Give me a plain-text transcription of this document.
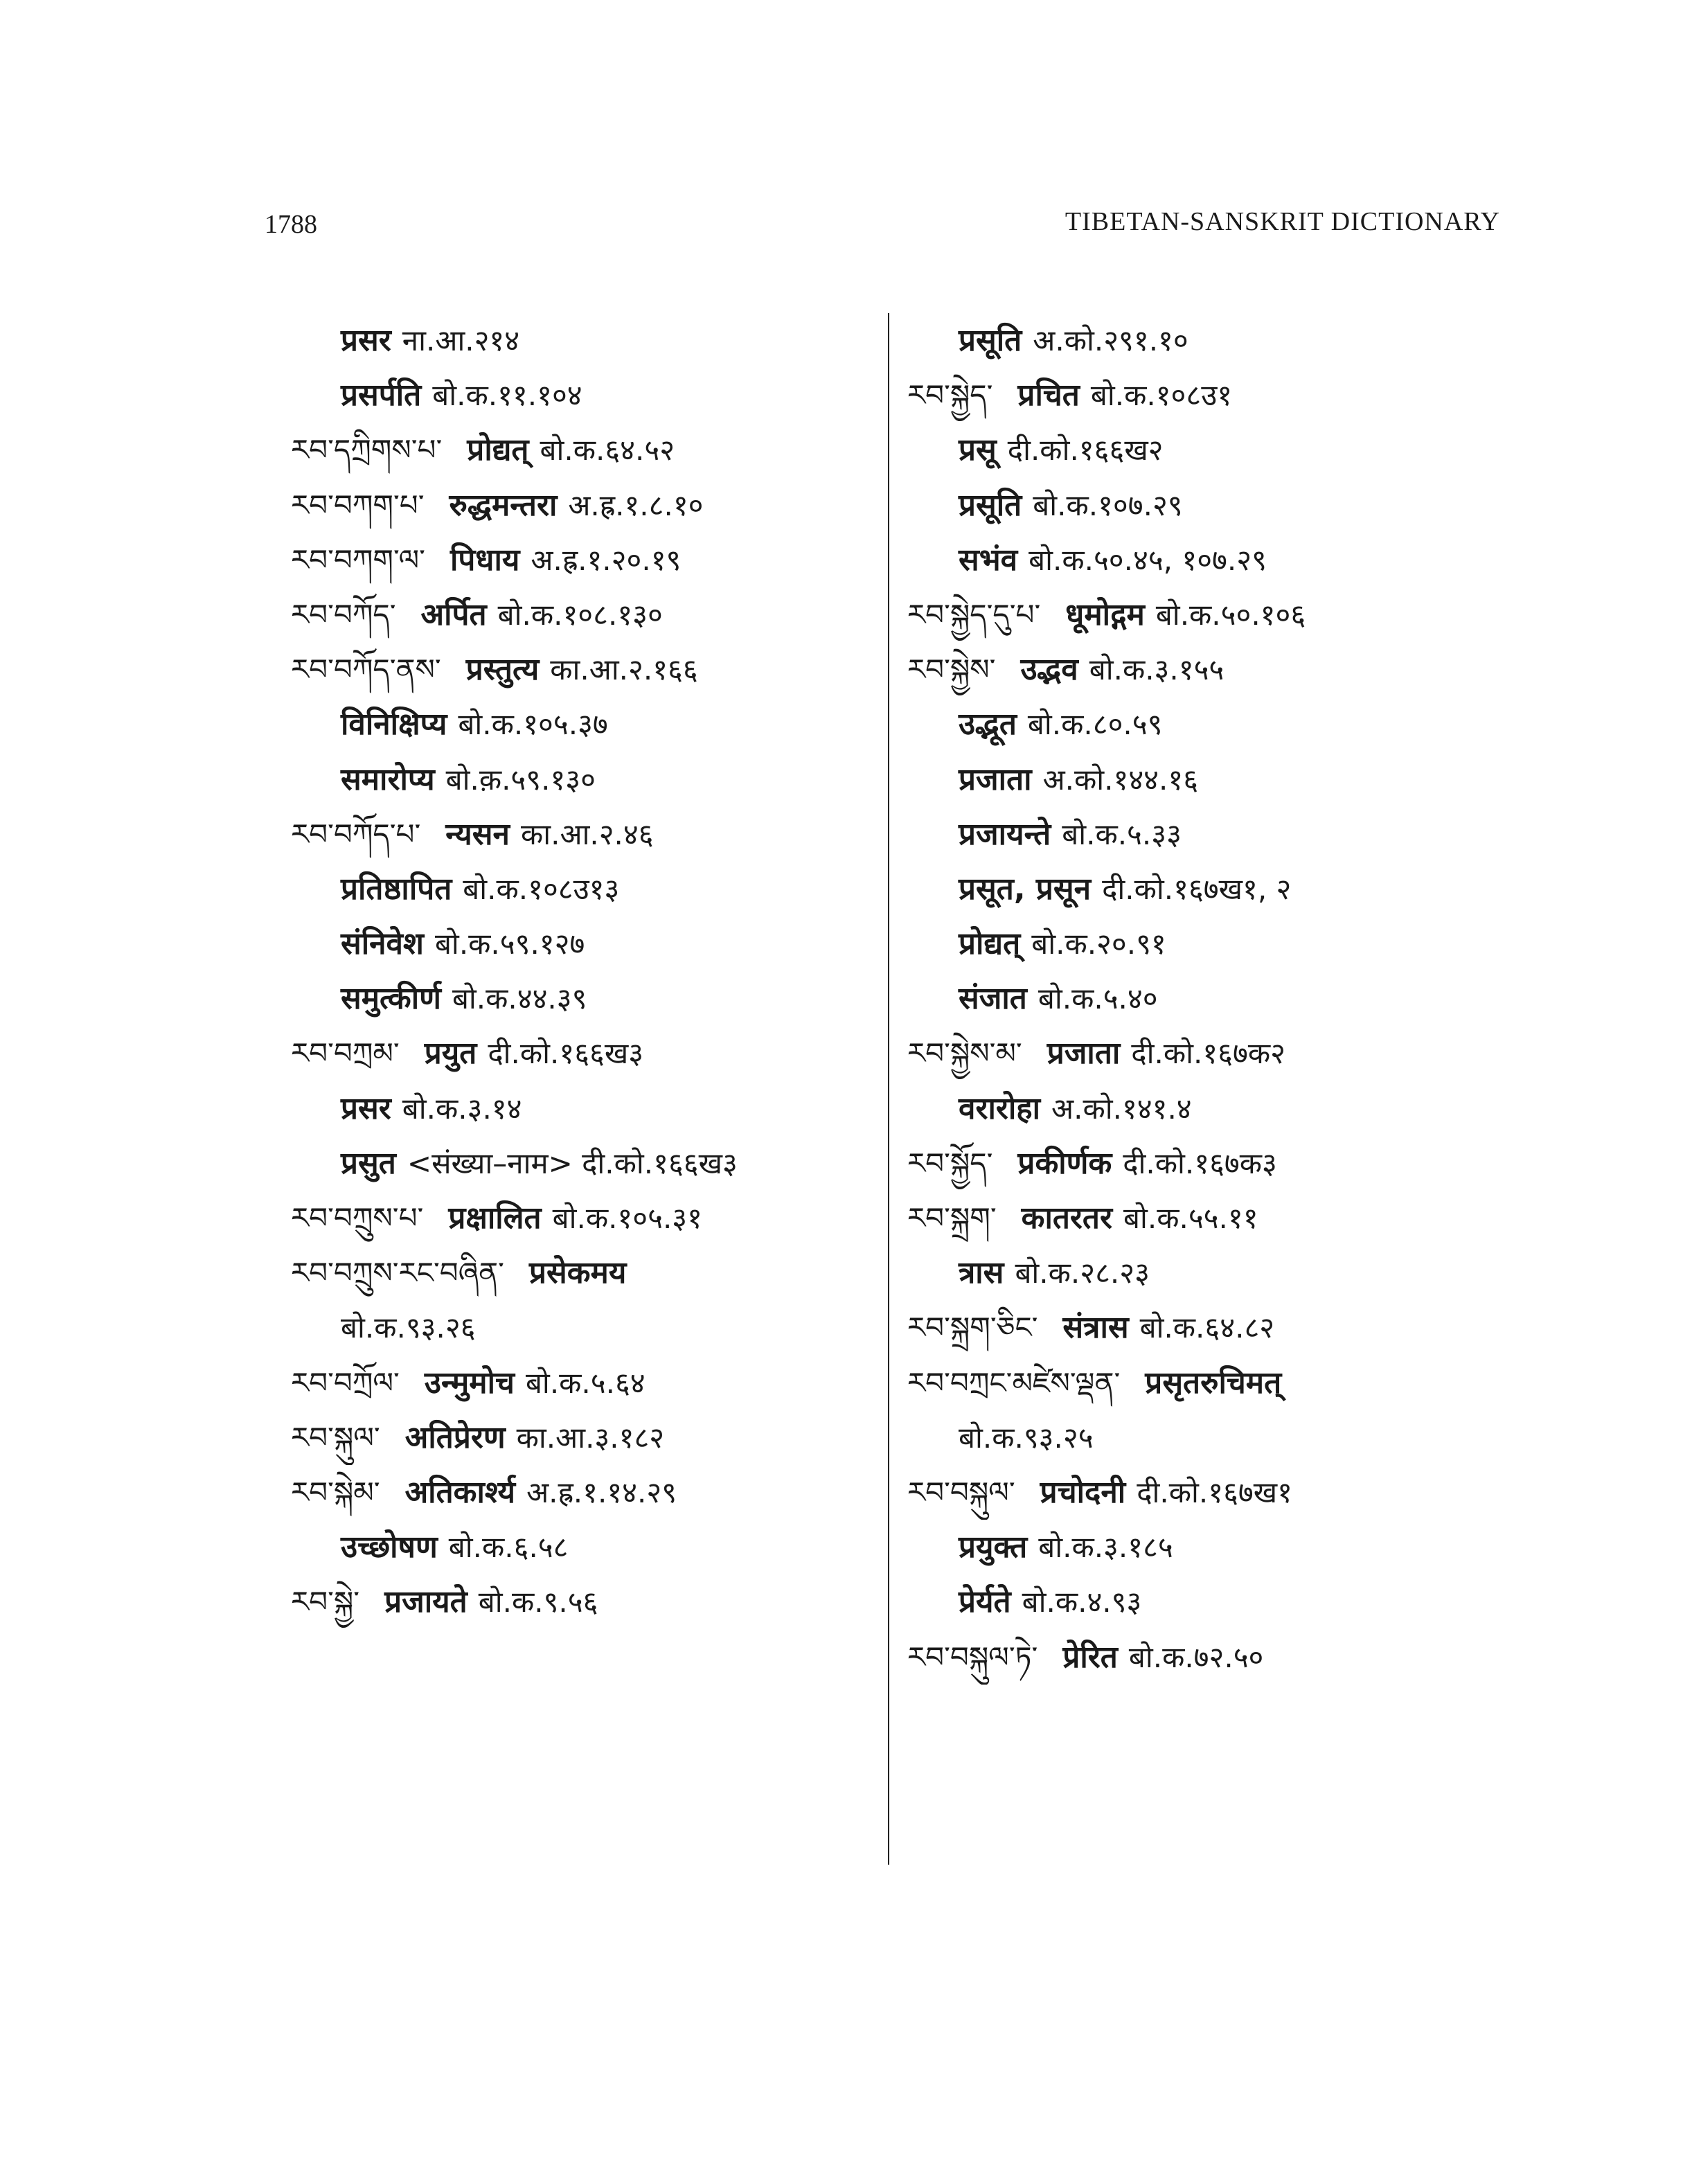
1788	TIBETAN-SANSKRIT DICTIONARY
प्रसर ना.आ.२१४
प्रसर्पति बो.क.११.१०४
རབ་དཀྲིགས་པ་ प्रोद्यत् बो.क.६४.५२
རབ་བཀག་པ་ रुद्धमन्तरा अ.ह्र.१.८.१०
རབ་བཀག་ལ་ पिधाय अ.ह्र.१.२०.१९
རབ་བཀོད་ अर्पित बो.क.१०८.१३०
རབ་བཀོད་ནས་ प्रस्तुत्य का.आ.२.१६६
विनिक्षिप्य बो.क.१०५.३७
समारोप्य बो.क़.५९.१३०
རབ་བཀོད་པ་ न्यसन का.आ.२.४६
प्रतिष्ठापित बो.क.१०८उ१३
संनिवेश बो.क.५९.१२७
समुत्कीर्ण बो.क.४४.३९
རབ་བཀྲམ་ प्रयुत दी.को.१६६ख३
प्रसर बो.क.३.१४
प्रसुत <संख्या–नाम> दी.को.१६६ख३
རབ་བཀྲུས་པ་ प्रक्षालित बो.क.१०५.३१
རབ་བཀྲུས་རང་བཞིན་ प्रसेकमय
बो.क.९३.२६
རབ་བཀྲོལ་ उन्मुमोच बो.क.५.६४
རབ་སྐུལ་ अतिप्रेरण का.आ.३.१८२
རབ་སྐེམ་ अतिकार्श्य अ.ह्र.१.१४.२९
उच्छोषण बो.क.६.५८
རབ་སྐྱེ་ प्रजायते बो.क.९.५६
प्रसूति अ.को.२९१.१०
རབ་སྐྱེད་ प्रचित बो.क.१०८उ१
प्रसू दी.को.१६६ख२
प्रसूति बो.क.१०७.२९
सभंव बो.क.५०.४५, १०७.२९
རབ་སྐྱེད་དུ་པ་ धूमोद्गम बो.क.५०.१०६
རབ་སྐྱེས་ उद्भव बो.क.३.१५५
उद्भूत बो.क.८०.५९
प्रजाता अ.को.१४४.१६
प्रजायन्ते बो.क.५.३३
प्रसूत, प्रसून दी.को.१६७ख१, २
प्रोद्यत् बो.क.२०.९१
संजात बो.क.५.४०
རབ་སྐྱེས་མ་ प्रजाता दी.को.१६७क२
वरारोहा अ.को.१४१.४
རབ་སྐྱོད་ प्रकीर्णक दी.को.१६७क३
རབ་སྐྲག་ कातरतर बो.क.५५.११
त्रास बो.क.२८.२३
རབ་སྐྲག་ཅིང་ संत्रास बो.क.६४.८२
རབ་བཀྲང་མཛེས་ལྡན་ प्रसृतरुचिमत्
बो.क.९३.२५
རབ་བསྐུལ་ प्रचोदनी दी.को.१६७ख१
प्रयुक्त बो.क.३.१८५
प्रेर्यते बो.क.४.९३
རབ་བསྐུལ་ཏེ་ प्रेरित बो.क.७२.५०
